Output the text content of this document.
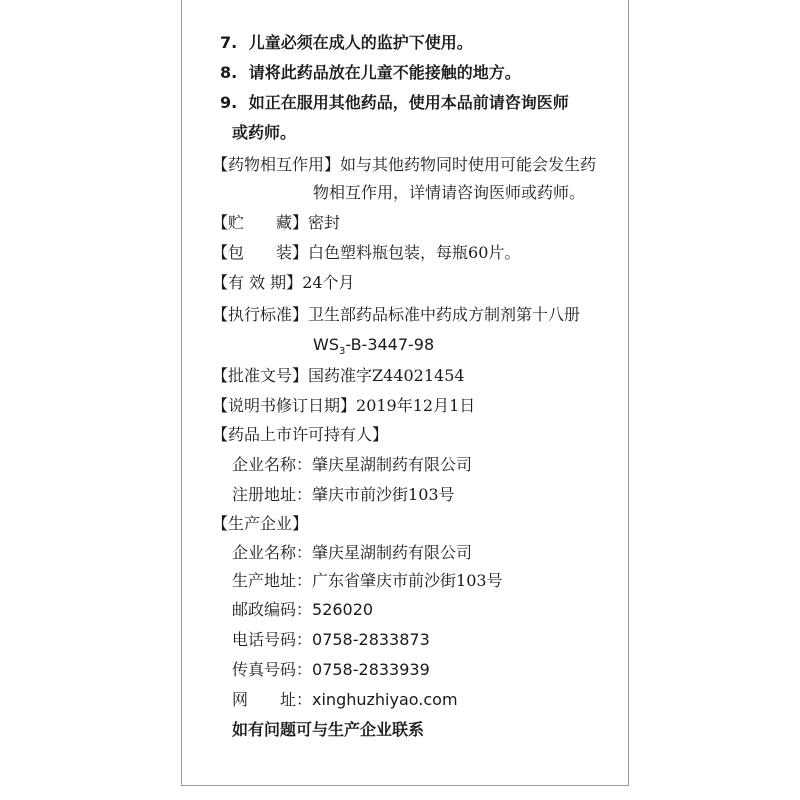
7. 儿童必须在成人的监护下使用。
8. 请将此药品放在儿童不能接触的地方。
9. 如正在服用其他药品，使用本品前请咨询医师
或药师。
【药物相互作用】如与其他药物同时使用可能会发生药
物相互作用，详情请咨询医师或药师。
【贮　　藏】密封
【包　　装】白色塑料瓶包装，每瓶60片。
【有 效 期】24个月
【执行标准】卫生部药品标准中药成方制剂第十八册
$WS_3-B-3447-98$
【批准文号】国药准字Z44021454
【说明书修订日期】2019年12月1日
【药品上市许可持有人】
企业名称：肇庆星湖制药有限公司
注册地址：肇庆市前沙街103号
【生产企业】
企业名称：肇庆星湖制药有限公司
生产地址：广东省肇庆市前沙街103号
邮政编码：526020
电话号码：0758-2833873
传真号码：0758-2833939
网　　址：xinghuzhiyao.com
如有问题可与生产企业联系
